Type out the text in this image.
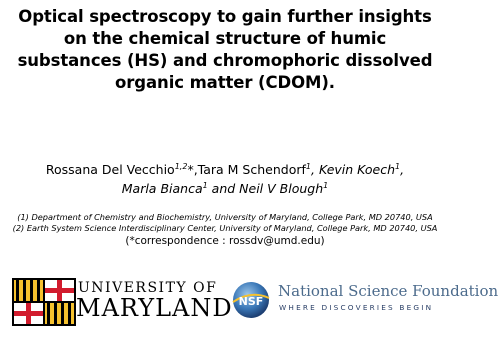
Optical spectroscopy to gain further insights
on the chemical structure of humic
substances (HS) and chromophoric dissolved
organic matter (CDOM).
Rossana Del Vecchio$^{1,2}$*,Tara M Schendorf$^1$, Kevin Koech$^1$,
Marla Bianca$^1$ and Neil V Blough$^1$
(1) Department of Chemistry and Biochemistry, University of Maryland, College Park, MD 20740, USA
(2) Earth System Science Interdisciplinary Center, University of Maryland, College Park, MD 20740, USA
(*correspondence : rossdv@umd.edu)
UNIVERSITY OF
MARYLAND NSF
National Science Foundation
WHERE DISCOVERIES BEGIN
